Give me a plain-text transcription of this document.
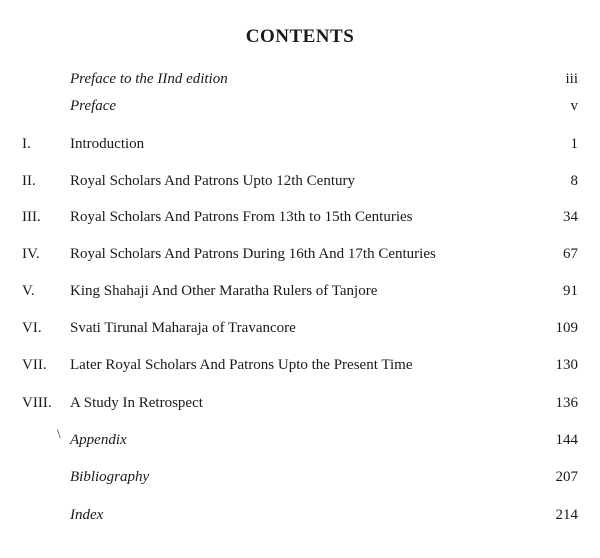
CONTENTS
Preface to the IInd edition	iii
Preface	v
I.	Introduction	1
II. Royal Scholars And Patrons Upto 12th Century	8
III. Royal Scholars And Patrons From 13th to 15th Centuries	34
IV. Royal Scholars And Patrons During 16th And 17th Centuries	67
V. King Shahaji And Other Maratha Rulers of Tanjore	91
VI. Svati Tirunal Maharaja of Travancore	109
VII. Later Royal Scholars And Patrons Upto the Present Time	130
VIII. A Study In Retrospect	136
\ Appendix	144
Bibliography	207
Index	214
